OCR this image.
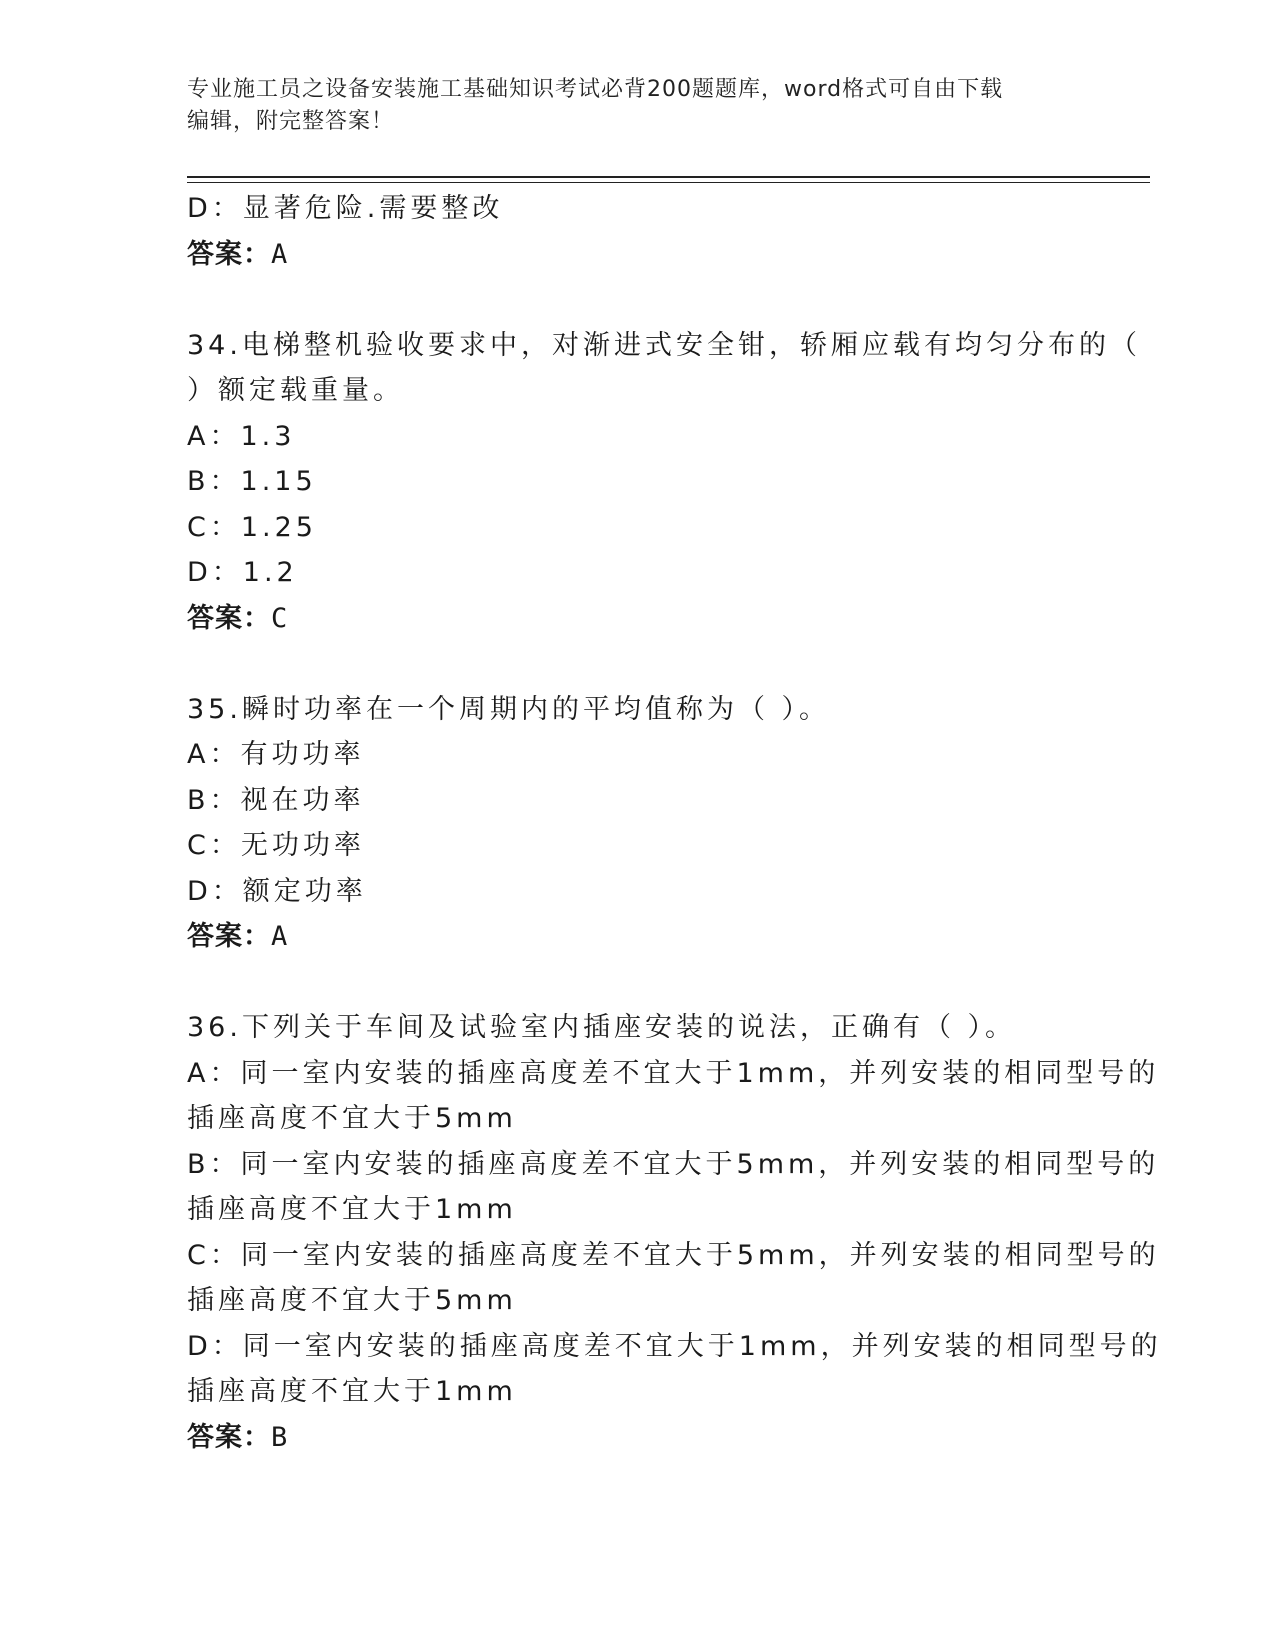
专业施工员之设备安装施工基础知识考试必背200题题库，word格式可自由下载
编辑，附完整答案！
D：显著危险.需要整改
答案：A
34.电梯整机验收要求中，对渐进式安全钳，轿厢应载有均匀分布的（
）额定载重量。
A：1.3
B：1.15
C：1.25
D：1.2
答案：C
35.瞬时功率在一个周期内的平均值称为（ ）。
A：有功功率
B：视在功率
C：无功功率
D：额定功率
答案：A
36.下列关于车间及试验室内插座安装的说法，正确有（ ）。
A：同一室内安装的插座高度差不宜大于1mm，并列安装的相同型号的
插座高度不宜大于5mm
B：同一室内安装的插座高度差不宜大于5mm，并列安装的相同型号的
插座高度不宜大于1mm
C：同一室内安装的插座高度差不宜大于5mm，并列安装的相同型号的
插座高度不宜大于5mm
D：同一室内安装的插座高度差不宜大于1mm，并列安装的相同型号的
插座高度不宜大于1mm
答案：B
